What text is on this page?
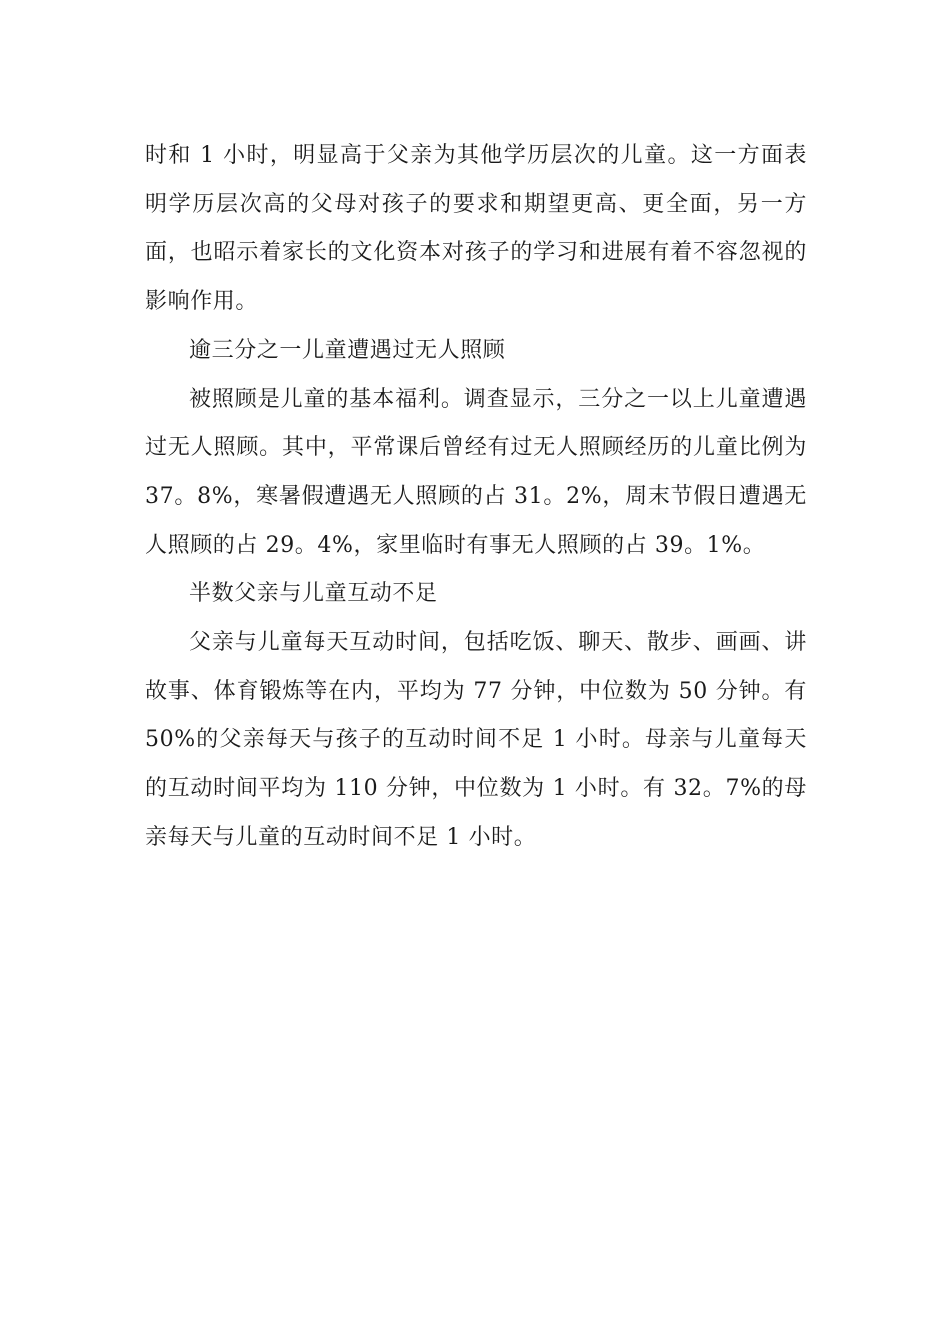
时和 1 小时，明显高于父亲为其他学历层次的儿童。这一方面表明学历层次高的父母对孩子的要求和期望更高、更全面，另一方面，也昭示着家长的文化资本对孩子的学习和进展有着不容忽视的影响作用。

逾三分之一儿童遭遇过无人照顾

被照顾是儿童的基本福利。调查显示，三分之一以上儿童遭遇过无人照顾。其中，平常课后曾经有过无人照顾经历的儿童比例为 37。8%，寒暑假遭遇无人照顾的占 31。2%，周末节假日遭遇无人照顾的占 29。4%，家里临时有事无人照顾的占 39。1%。

半数父亲与儿童互动不足

父亲与儿童每天互动时间，包括吃饭、聊天、散步、画画、讲故事、体育锻炼等在内，平均为 77 分钟，中位数为 50 分钟。有 50%的父亲每天与孩子的互动时间不足 1 小时。母亲与儿童每天的互动时间平均为 110 分钟，中位数为 1 小时。有 32。7%的母亲每天与儿童的互动时间不足 1 小时。
